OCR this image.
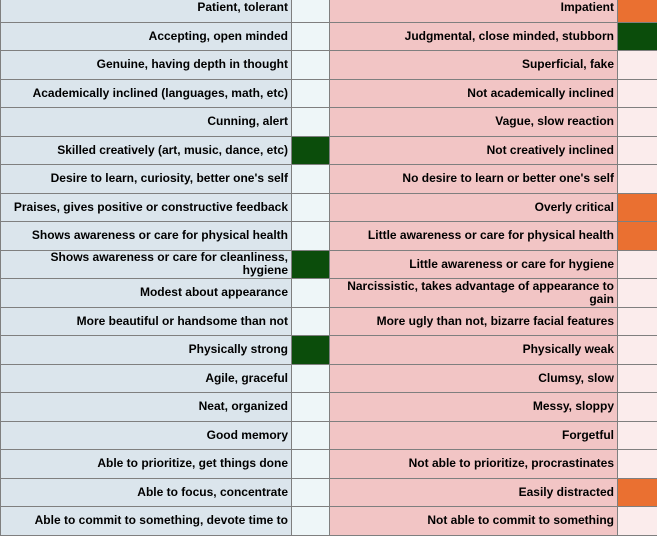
Patient, tolerant		Impatient	
Accepting, open minded		Judgmental, close minded, stubborn	
Genuine, having depth in thought		Superficial, fake	
Academically inclined (languages, math, etc)		Not academically inclined	
Cunning, alert		Vague, slow reaction	
Skilled creatively (art, music, dance, etc)		Not creatively inclined	
Desire to learn, curiosity, better one's self		No desire to learn or better one's self	
Praises, gives positive or constructive feedback		Overly critical	
Shows awareness or care for physical health		Little awareness or care for physical health	
Shows awareness or care for cleanliness, hygiene		Little awareness or care for hygiene	
Modest about appearance		Narcissistic, takes advantage of appearance to gain	
More beautiful or handsome than not		More ugly than not, bizarre facial features	
Physically strong		Physically weak	
Agile, graceful		Clumsy, slow	
Neat, organized		Messy, sloppy	
Good memory		Forgetful	
Able to prioritize, get things done		Not able to prioritize, procrastinates	
Able to focus, concentrate		Easily distracted	
Able to commit to something, devote time to		Not able to commit to something	
